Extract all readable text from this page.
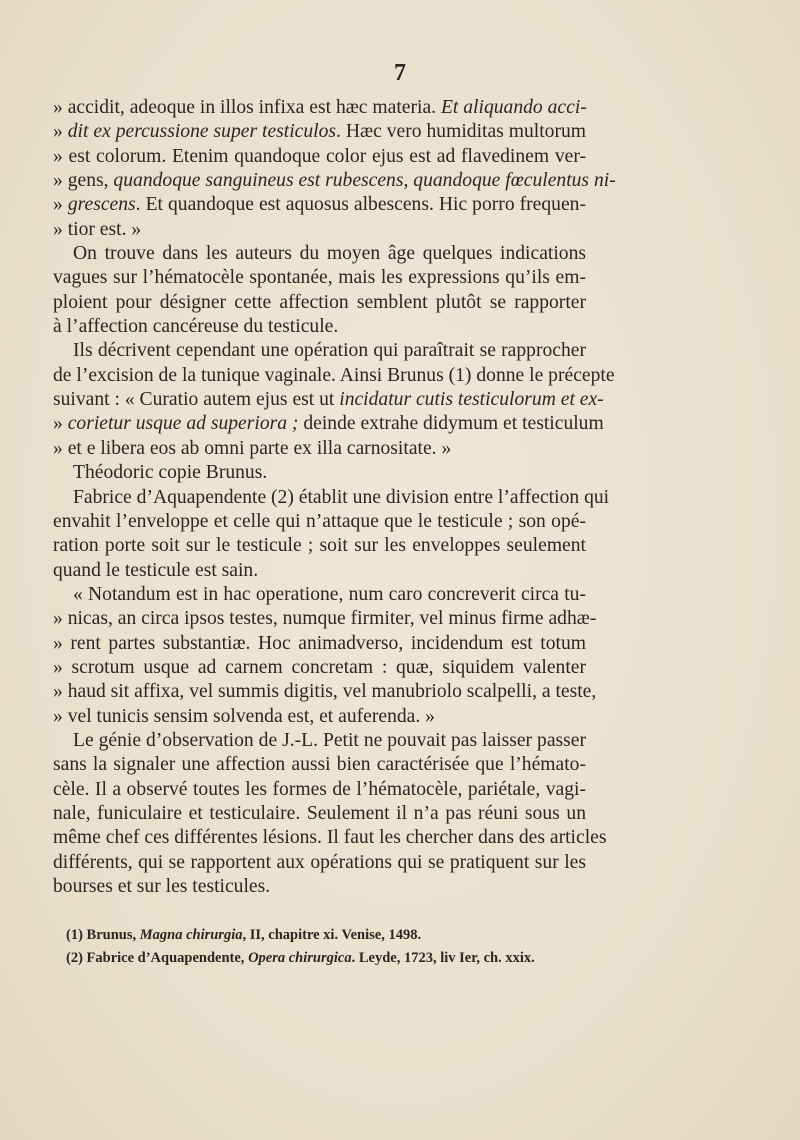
7
» accidit, adeoque in illos infixa est hæc materia. Et aliquando acci-
» dit ex percussione super testiculos. Hæc vero humiditas multorum
» est colorum. Etenim quandoque color ejus est ad flavedinem ver-
» gens, quandoque sanguineus est rubescens, quandoque fœculentus ni-
» grescens. Et quandoque est aquosus albescens. Hic porro frequen-
» tior est. »
On trouve dans les auteurs du moyen âge quelques indications
vagues sur l’hématocèle spontanée, mais les expressions qu’ils em-
ploient pour désigner cette affection semblent plutôt se rapporter
à l’affection cancéreuse du testicule.
Ils décrivent cependant une opération qui paraîtrait se rapprocher
de l’excision de la tunique vaginale. Ainsi Brunus (1) donne le précepte
suivant : « Curatio autem ejus est ut incidatur cutis testiculorum et ex-
» corietur usque ad superiora ; deinde extrahe didymum et testiculum
» et e libera eos ab omni parte ex illa carnositate. »
Théodoric copie Brunus.
Fabrice d’Aquapendente (2) établit une division entre l’affection qui
envahit l’enveloppe et celle qui n’attaque que le testicule ; son opé-
ration porte soit sur le testicule ; soit sur les enveloppes seulement
quand le testicule est sain.
« Notandum est in hac operatione, num caro concreverit circa tu-
» nicas, an circa ipsos testes, numque firmiter, vel minus firme adhæ-
» rent partes substantiæ. Hoc animadverso, incidendum est totum
» scrotum usque ad carnem concretam : quæ, siquidem valenter
» haud sit affixa, vel summis digitis, vel manubriolo scalpelli, a teste,
» vel tunicis sensim solvenda est, et auferenda. »
Le génie d’observation de J.-L. Petit ne pouvait pas laisser passer
sans la signaler une affection aussi bien caractérisée que l’hémato-
cèle. Il a observé toutes les formes de l’hématocèle, pariétale, vagi-
nale, funiculaire et testiculaire. Seulement il n’a pas réuni sous un
même chef ces différentes lésions. Il faut les chercher dans des articles
différents, qui se rapportent aux opérations qui se pratiquent sur les
bourses et sur les testicules.
(1) Brunus, Magna chirurgia, II, chapitre xi. Venise, 1498.
(2) Fabrice d’Aquapendente, Opera chirurgica. Leyde, 1723, liv Ier, ch. xxix.
